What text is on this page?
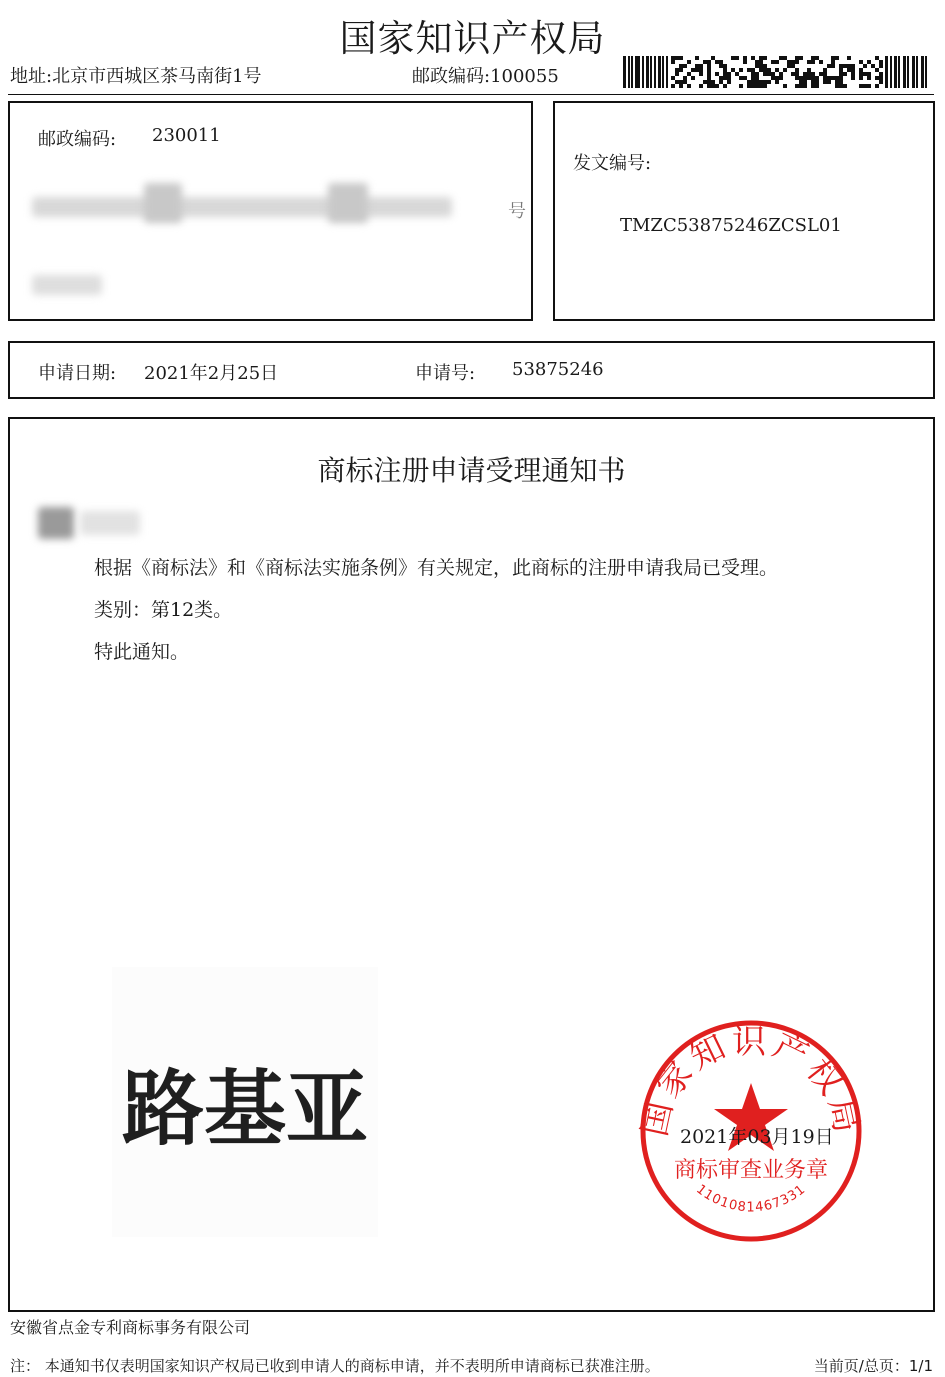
国家知识产权局
地址:北京市西城区茶马南街1号	邮政编码:100055
邮政编码: 230011
号
发文编号:
TMZC53875246ZCSL01
申请日期: 2021年2月25日	申请号: 53875246
商标注册申请受理通知书
根据《商标法》和《商标法实施条例》有关规定，此商标的注册申请我局已受理。
类别：第12类。
特此通知。
路基亚	国家知识产权局
商标审查业务章
1101081467331
2021年03月19日
安徽省点金专利商标事务有限公司
注： 本通知书仅表明国家知识产权局已收到申请人的商标申请，并不表明所申请商标已获准注册。	当前页/总页：1/1
